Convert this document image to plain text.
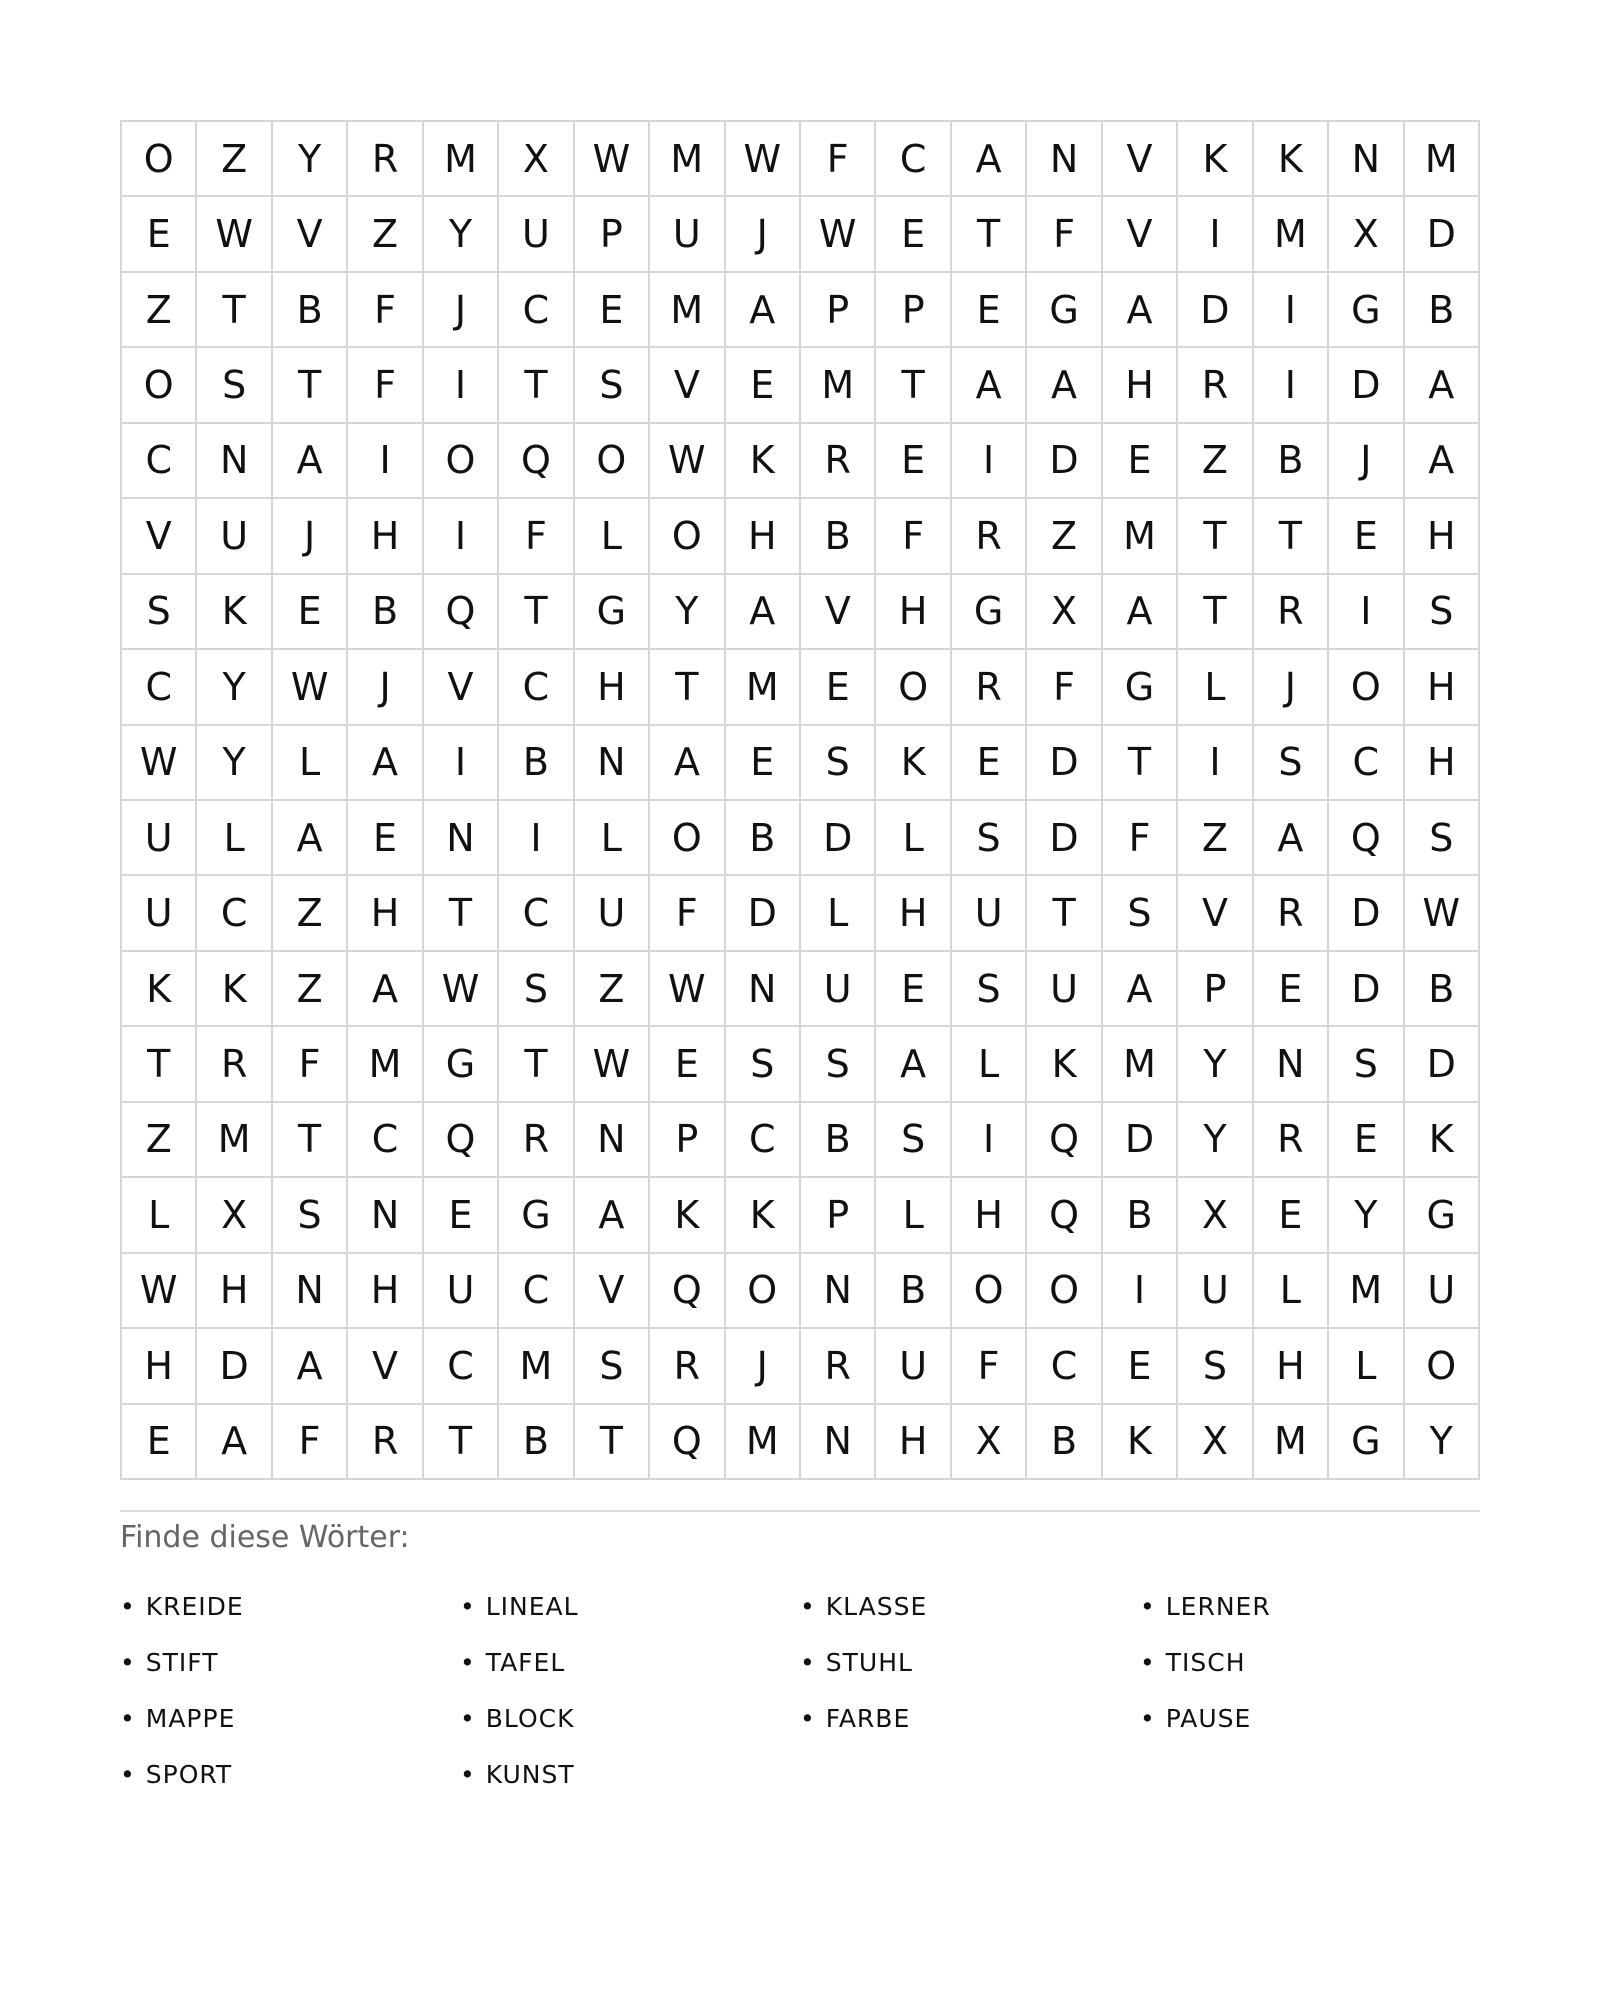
O	Z	Y	R	M	X	W	M	W	F	C	A	N	V	K	K	N	M
E	W	V	Z	Y	U	P	U	J	W	E	T	F	V	I	M	X	D
Z	T	B	F	J	C	E	M	A	P	P	E	G	A	D	I	G	B
O	S	T	F	I	T	S	V	E	M	T	A	A	H	R	I	D	A
C	N	A	I	O	Q	O	W	K	R	E	I	D	E	Z	B	J	A
V	U	J	H	I	F	L	O	H	B	F	R	Z	M	T	T	E	H
S	K	E	B	Q	T	G	Y	A	V	H	G	X	A	T	R	I	S
C	Y	W	J	V	C	H	T	M	E	O	R	F	G	L	J	O	H
W	Y	L	A	I	B	N	A	E	S	K	E	D	T	I	S	C	H
U	L	A	E	N	I	L	O	B	D	L	S	D	F	Z	A	Q	S
U	C	Z	H	T	C	U	F	D	L	H	U	T	S	V	R	D	W
K	K	Z	A	W	S	Z	W	N	U	E	S	U	A	P	E	D	B
T	R	F	M	G	T	W	E	S	S	A	L	K	M	Y	N	S	D
Z	M	T	C	Q	R	N	P	C	B	S	I	Q	D	Y	R	E	K
L	X	S	N	E	G	A	K	K	P	L	H	Q	B	X	E	Y	G
W	H	N	H	U	C	V	Q	O	N	B	O	O	I	U	L	M	U
H	D	A	V	C	M	S	R	J	R	U	F	C	E	S	H	L	O
E	A	F	R	T	B	T	Q	M	N	H	X	B	K	X	M	G	Y
Finde diese Wörter:
• KREIDE	• LINEAL	• KLASSE	• LERNER
• STIFT	• TAFEL	• STUHL	• TISCH
• MAPPE	• BLOCK	• FARBE	• PAUSE
• SPORT	• KUNST
